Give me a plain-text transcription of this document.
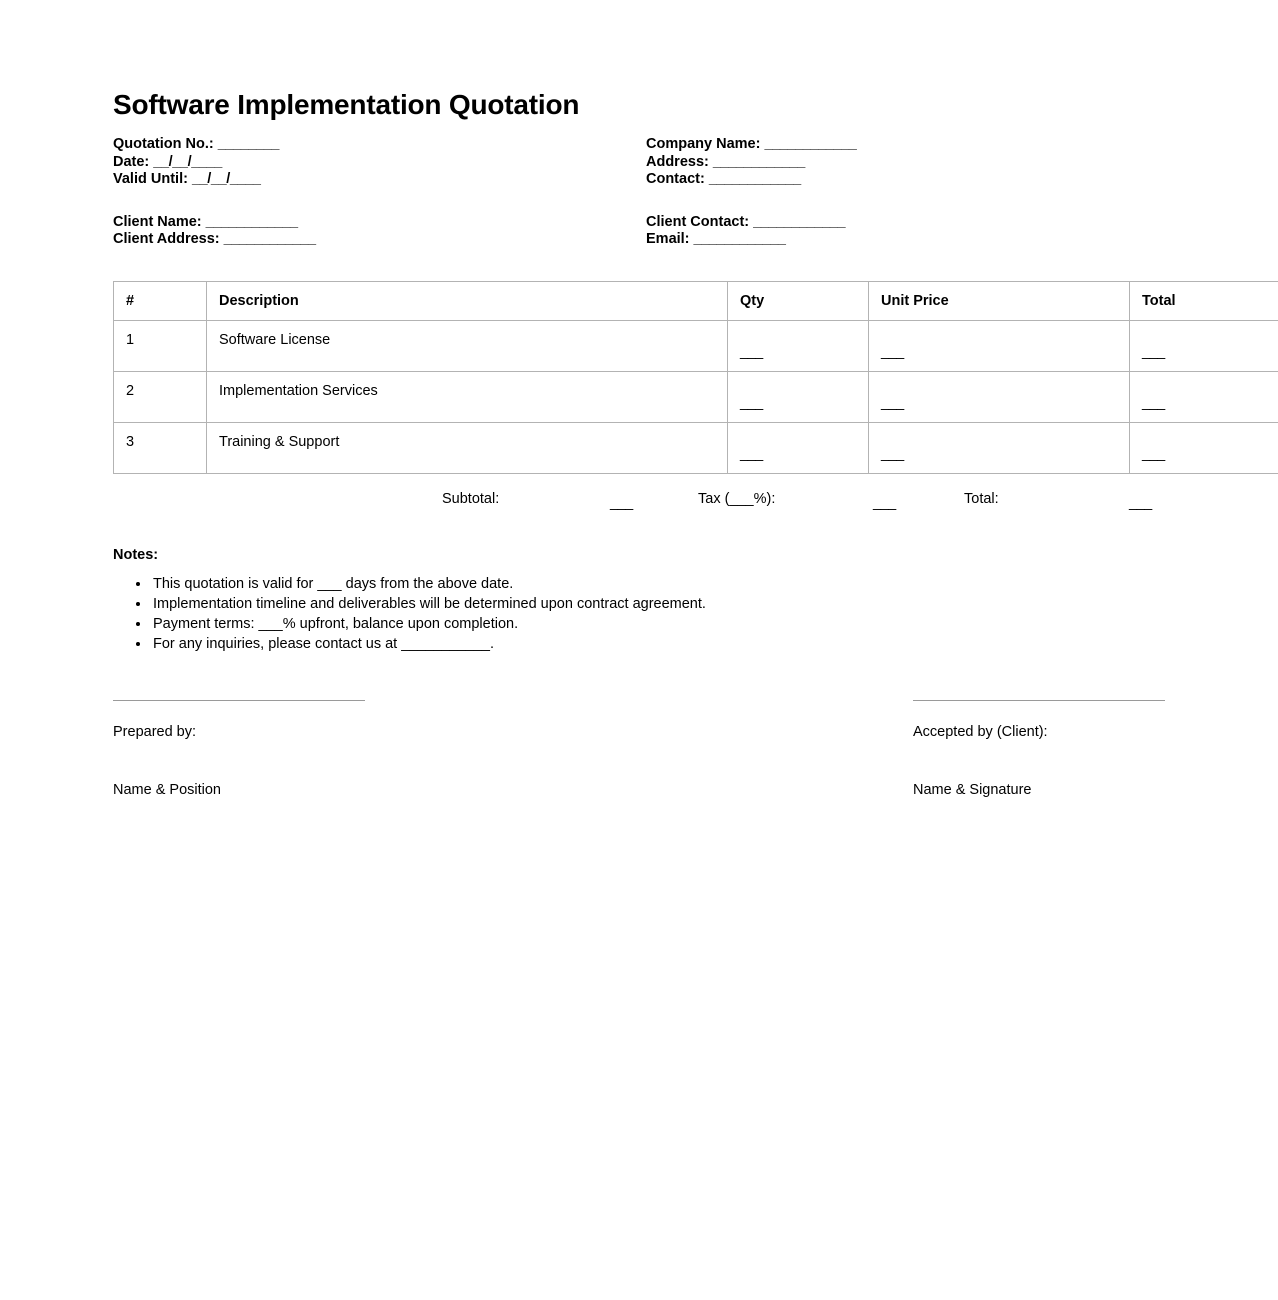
Software Implementation Quotation
Quotation No.: ________
Date: __/__/____
Valid Until: __/__/____
Company Name: ____________
Address: ____________
Contact: ____________
Client Name: ____________
Client Address: ____________
Client Contact: ____________
Email: ____________
#	Description	Qty	Unit Price	Total
1	Software License	___	___	___

2	Implementation Services	___	___	___

3	Training & Support	___	___	___
Subtotal:	___	Tax (___%):	___	Total:	___
Notes:
• This quotation is valid for ___ days from the above date.
• Implementation timeline and deliverables will be determined upon contract agreement.
• Payment terms: ___% upfront, balance upon completion.
• For any inquiries, please contact us at ___________.
Prepared by:
Name & Position
Accepted by (Client):
Name & Signature
